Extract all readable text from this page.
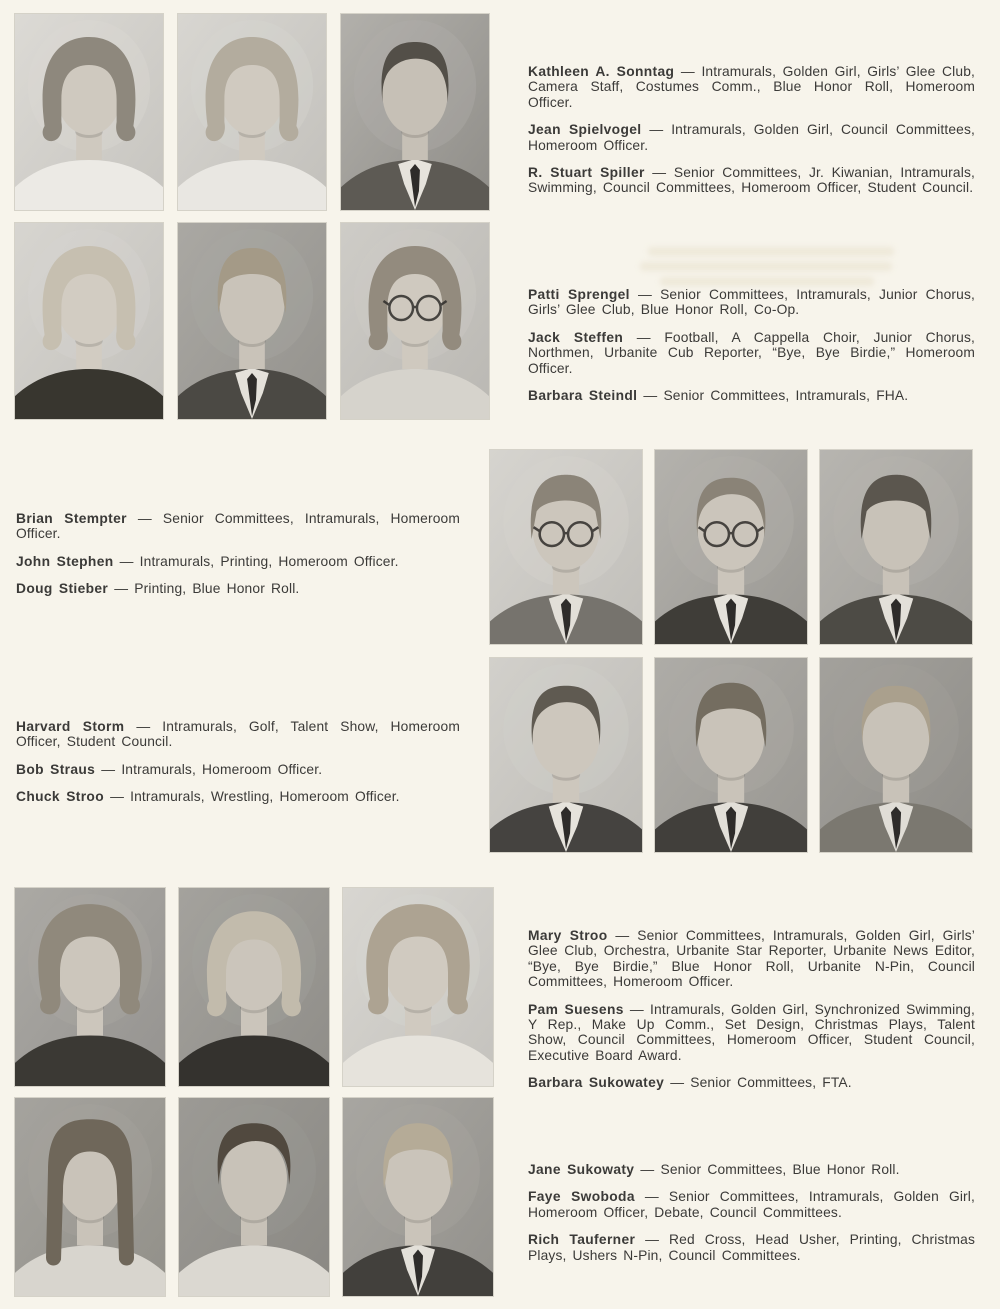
Kathleen A. Sonntag — Intramurals, Golden Girl, Girls’ Glee Club, Camera Staff, Costumes Comm., Blue Honor Roll, Homeroom Officer.

Jean Spielvogel — Intramurals, Golden Girl, Council Committees, Homeroom Officer.

R. Stuart Spiller — Senior Committees, Jr. Kiwanian, Intramurals, Swimming, Council Committees, Homeroom Officer, Student Council.

Patti Sprengel — Senior Committees, Intramurals, Junior Chorus, Girls’ Glee Club, Blue Honor Roll, Co-Op.

Jack Steffen — Football, A Cappella Choir, Junior Chorus, Northmen, Urbanite Cub Reporter, “Bye, Bye Birdie,” Homeroom Officer.

Barbara Steindl — Senior Committees, Intramurals, FHA.

Brian Stempter — Senior Committees, Intramurals, Homeroom Officer.

John Stephen — Intramurals, Printing, Homeroom Officer.

Doug Stieber — Printing, Blue Honor Roll.

Harvard Storm — Intramurals, Golf, Talent Show, Homeroom Officer, Student Council.

Bob Straus — Intramurals, Homeroom Officer.

Chuck Stroo — Intramurals, Wrestling, Homeroom Officer.

Mary Stroo — Senior Committees, Intramurals, Golden Girl, Girls’ Glee Club, Orchestra, Urbanite Star Reporter, Urbanite News Editor, “Bye, Bye Birdie,” Blue Honor Roll, Urbanite N-Pin, Council Committees, Homeroom Officer.

Pam Suesens — Intramurals, Golden Girl, Synchronized Swimming, Y Rep., Make Up Comm., Set Design, Christmas Plays, Talent Show, Council Committees, Homeroom Officer, Student Council, Executive Board Award.

Barbara Sukowatey — Senior Committees, FTA.

Jane Sukowaty — Senior Committees, Blue Honor Roll.

Faye Swoboda — Senior Committees, Intramurals, Golden Girl, Homeroom Officer, Debate, Council Committees.

Rich Tauferner — Red Cross, Head Usher, Printing, Christmas Plays, Ushers N-Pin, Council Committees.
